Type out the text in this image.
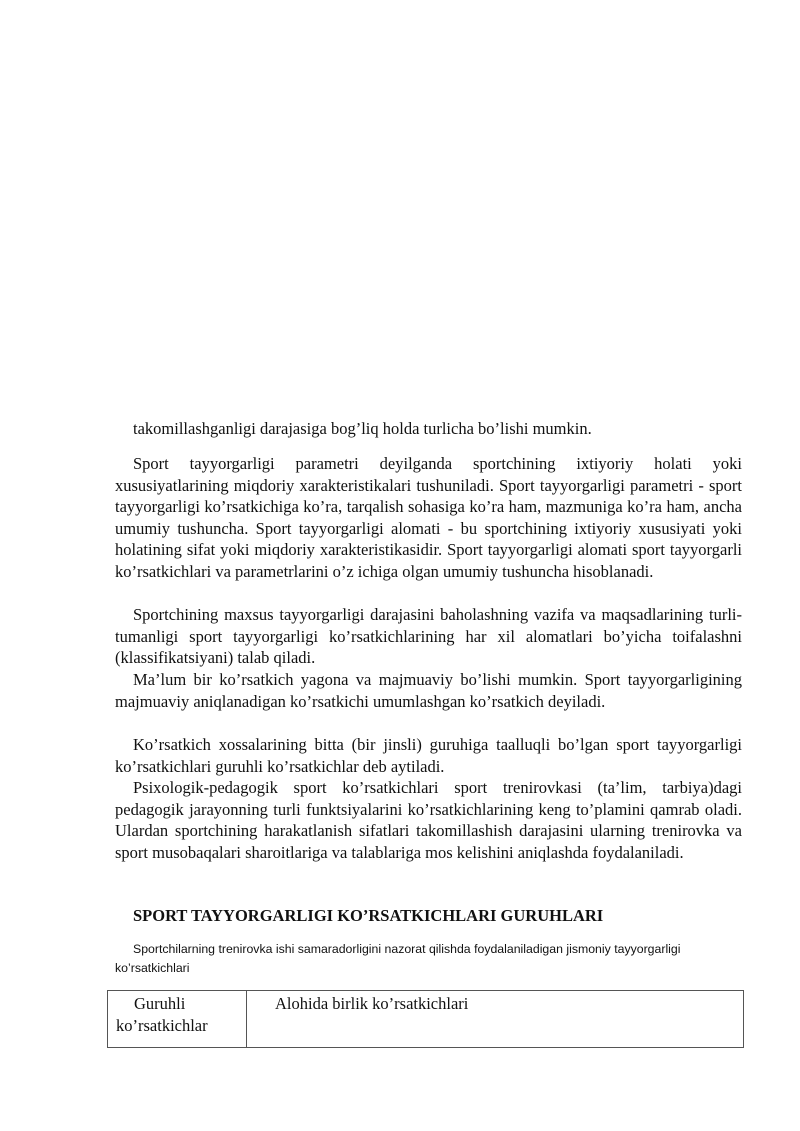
takomillashganligi darajasiga bog’liq holda turlicha bo’lishi mumkin.

Sport tayyorgarligi parametri deyilganda sportchining ixtiyoriy holati yoki xususiyatlarining miqdoriy xarakteristikalari tushuniladi. Sport tayyorgarligi parametri - sport tayyorgarligi ko’rsatkichiga ko’ra, tarqalish sohasiga ko’ra ham, mazmuniga ko’ra ham, ancha umumiy tushuncha. Sport tayyorgarligi alomati - bu sportchining ixtiyoriy xususiyati yoki holatining sifat yoki miqdoriy xarakteristikasidir. Sport tayyorgarligi alomati sport tayyorgarli ko’rsatkichlari va parametrlarini o’z ichiga olgan umumiy tushuncha hisoblanadi.

Sportchining maxsus tayyorgarligi darajasini baholashning vazifa va maqsadlarining turli-tumanligi sport tayyorgarligi ko’rsatkichlarining har xil alomatlari bo’yicha toifalashni (klassifikatsiyani) talab qiladi.

Ma’lum bir ko’rsatkich yagona va majmuaviy bo’lishi mumkin. Sport tayyorgarligining majmuaviy aniqlanadigan ko’rsatkichi umumlashgan ko’rsatkich deyiladi.

Ko’rsatkich xossalarining bitta (bir jinsli) guruhiga taalluqli bo’lgan sport tayyorgarligi ko’rsatkichlari guruhli ko’rsatkichlar deb aytiladi.

Psixologik-pedagogik sport ko’rsatkichlari sport trenirovkasi (ta’lim, tarbiya)dagi pedagogik jarayonning turli funktsiyalarini ko’rsatkichlarining keng to’plamini qamrab oladi. Ulardan sportchining harakatlanish sifatlari takomillashish darajasini ularning trenirovka va sport musobaqalari sharoitlariga va talablariga mos kelishini aniqlashda foydalaniladi.

SPORT TAYYORGARLIGI KO’RSATKICHLARI GURUHLARI

Sportchilarning trenirovka ishi samaradorligini nazorat qilishda foydalaniladigan jismoniy tayyorgarligi ko’rsatkichlari

Guruhli ko’rsatkichlar	Alohida birlik ko’rsatkichlari
